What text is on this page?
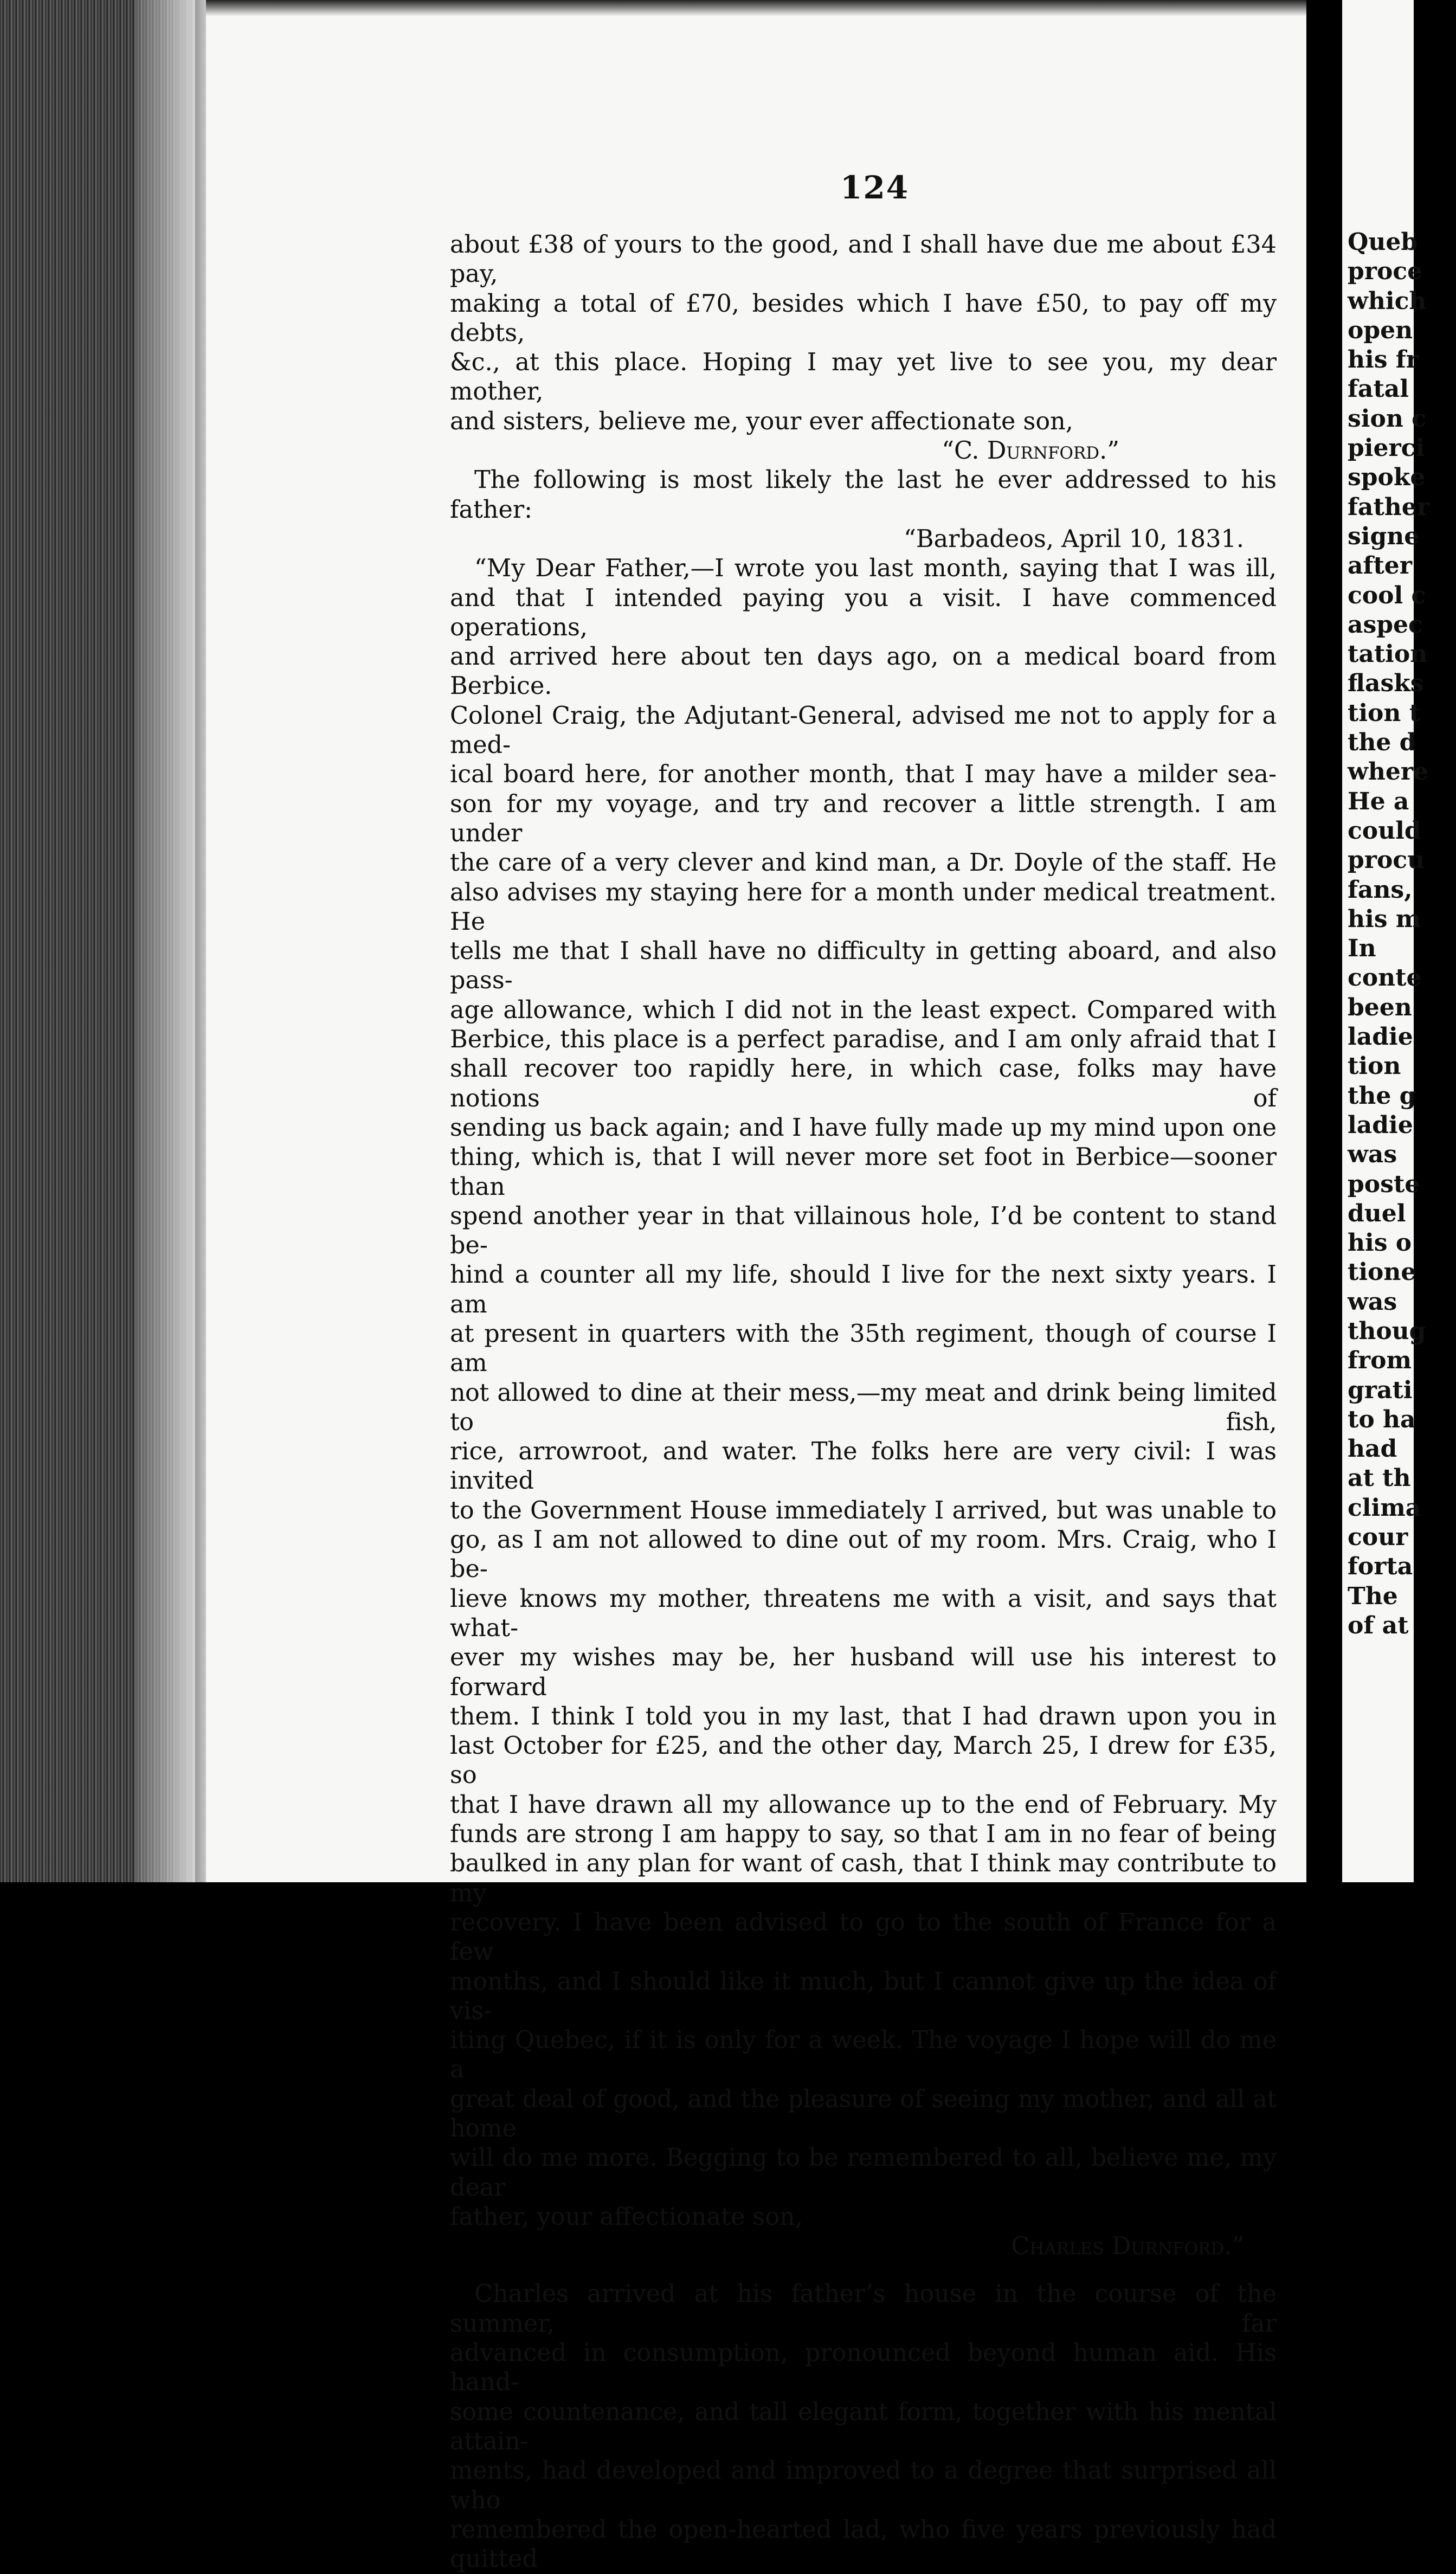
124

about £38 of yours to the good, and I shall have due me about £34 pay,

making a total of £70, besides which I have £50, to pay off my debts,

&c., at this place. Hoping I may yet live to see you, my dear mother,

and sisters, believe me, your ever affectionate son,

“C. Durnford.”

The following is most likely the last he ever addressed to his father:

“Barbadeos, April 10, 1831.

“My Dear Father,—I wrote you last month, saying that I was ill,

and that I intended paying you a visit. I have commenced operations,

and arrived here about ten days ago, on a medical board from Berbice.

Colonel Craig, the Adjutant-General, advised me not to apply for a med-

ical board here, for another month, that I may have a milder sea-

son for my voyage, and try and recover a little strength. I am under

the care of a very clever and kind man, a Dr. Doyle of the staff. He

also advises my staying here for a month under medical treatment. He

tells me that I shall have no difficulty in getting aboard, and also pass-

age allowance, which I did not in the least expect. Compared with

Berbice, this place is a perfect paradise, and I am only afraid that I

shall recover too rapidly here, in which case, folks may have notions of

sending us back again; and I have fully made up my mind upon one

thing, which is, that I will never more set foot in Berbice—sooner than

spend another year in that villainous hole, I’d be content to stand be-

hind a counter all my life, should I live for the next sixty years. I am

at present in quarters with the 35th regiment, though of course I am

not allowed to dine at their mess,—my meat and drink being limited to fish,

rice, arrowroot, and water. The folks here are very civil: I was invited

to the Government House immediately I arrived, but was unable to

go, as I am not allowed to dine out of my room. Mrs. Craig, who I be-

lieve knows my mother, threatens me with a visit, and says that what-

ever my wishes may be, her husband will use his interest to forward

them. I think I told you in my last, that I had drawn upon you in

last October for £25, and the other day, March 25, I drew for £35, so

that I have drawn all my allowance up to the end of February. My

funds are strong I am happy to say, so that I am in no fear of being

baulked in any plan for want of cash, that I think may contribute to my

recovery. I have been advised to go to the south of France for a few

months, and I should like it much, but I cannot give up the idea of vis-

iting Quebec, if it is only for a week. The voyage I hope will do me a

great deal of good, and the pleasure of seeing my mother, and all at home

will do me more. Begging to be remembered to all, believe me, my dear

father, your affectionate son,

Charles Durnford.”

Charles arrived at his father’s house in the course of the summer, far

advanced in consumption, pronounced beyond human aid. His hand-

some countenance, and tall elegant form, together with his mental attain-

ments, had developed and improved to a degree that surprised all who

remembered the open-hearted lad, who five years previously had quitted

Queb
proce
which
open
his fr
fatal
sion c
pierci
spoke
father
signe
after
cool c
aspec
tation
flasks
tion t
the d
where
He a
could
procu
fans,
his m
In
conte
been
ladie
tion
the g
ladie
was
poste
duel
his o
tione
was
thoug
from
grati
to ha
had
at th
clima
cour
forta
The
of at
